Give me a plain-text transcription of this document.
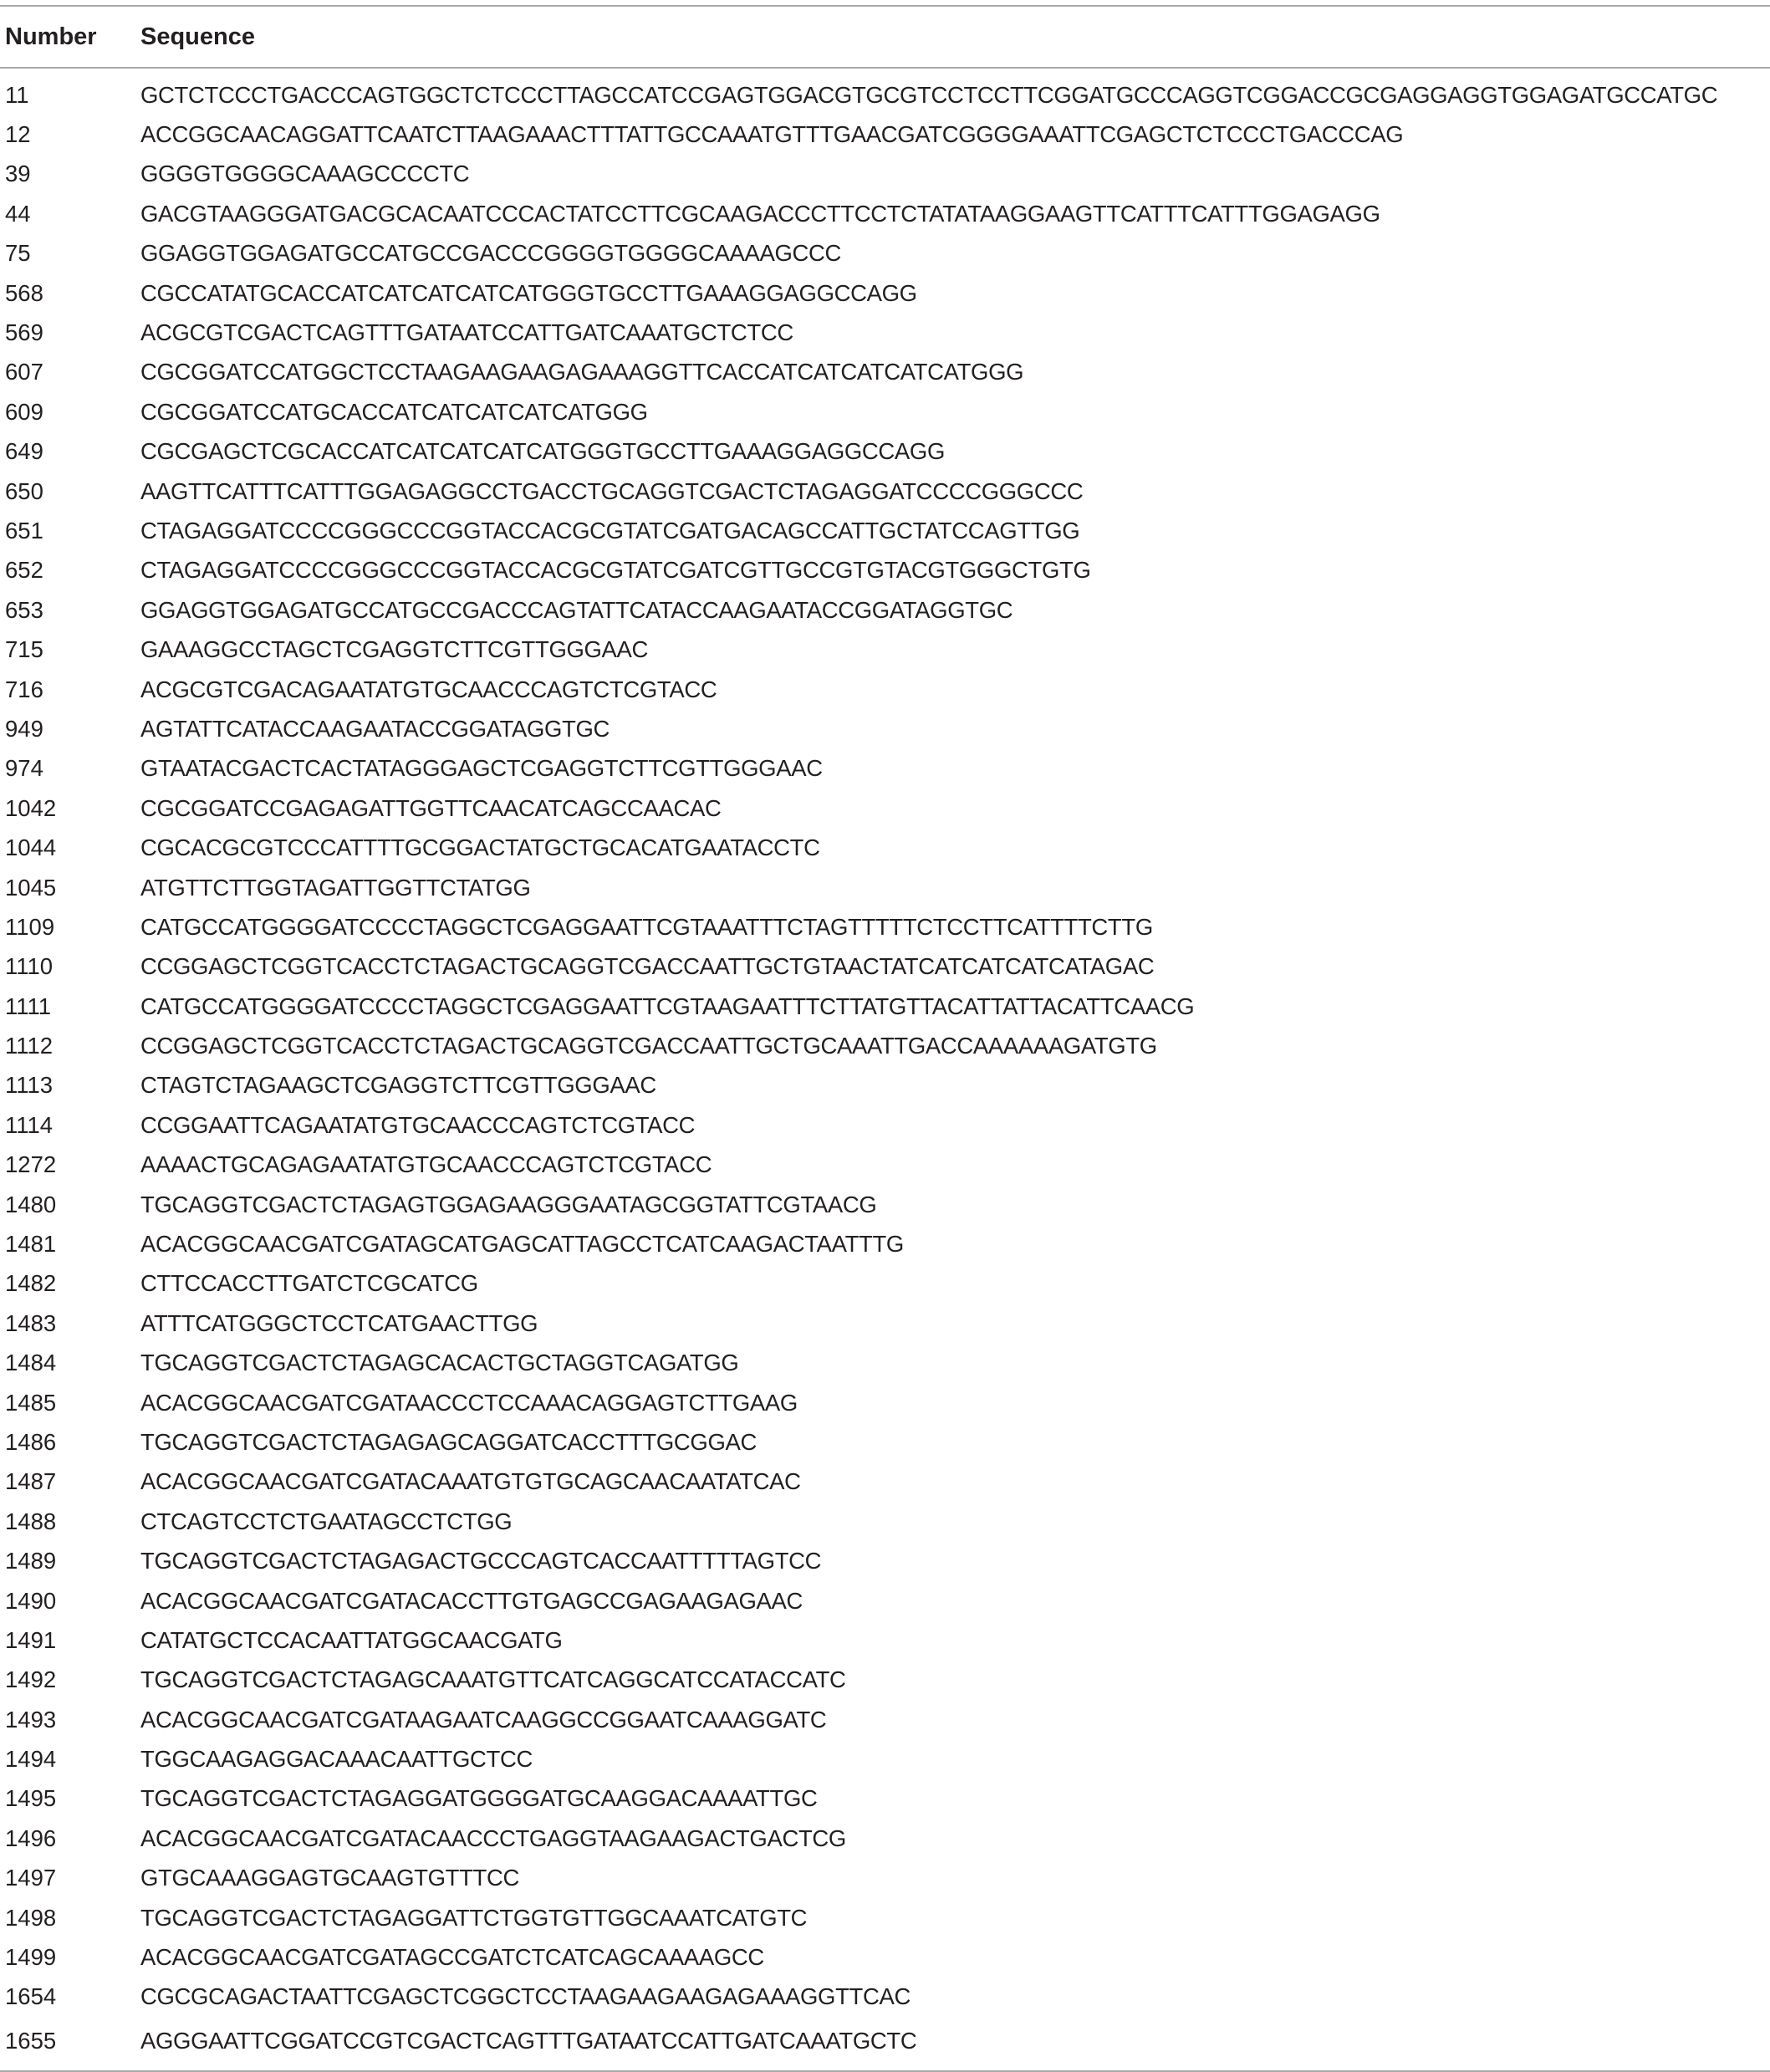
Number	Sequence
11	GCTCTCCCTGACCCAGTGGCTCTCCCTTAGCCATCCGAGTGGACGTGCGTCCTCCTTCGGATGCCCAGGTCGGACCGCGAGGAGGTGGAGATGCCATGC
12	ACCGGCAACAGGATTCAATCTTAAGAAACTTTATTGCCAAATGTTTGAACGATCGGGGAAATTCGAGCTCTCCCTGACCCAG
39	GGGGTGGGGCAAAGCCCCTC
44	GACGTAAGGGATGACGCACAATCCCACTATCCTTCGCAAGACCCTTCCTCTATATAAGGAAGTTCATTTCATTTGGAGAGG
75	GGAGGTGGAGATGCCATGCCGACCCGGGGTGGGGCAAAAGCCC
568	CGCCATATGCACCATCATCATCATCATGGGTGCCTTGAAAGGAGGCCAGG
569	ACGCGTCGACTCAGTTTGATAATCCATTGATCAAATGCTCTCC
607	CGCGGATCCATGGCTCCTAAGAAGAAGAGAAAGGTTCACCATCATCATCATCATGGG
609	CGCGGATCCATGCACCATCATCATCATCATGGG
649	CGCGAGCTCGCACCATCATCATCATCATGGGTGCCTTGAAAGGAGGCCAGG
650	AAGTTCATTTCATTTGGAGAGGCCTGACCTGCAGGTCGACTCTAGAGGATCCCCGGGCCC
651	CTAGAGGATCCCCGGGCCCGGTACCACGCGTATCGATGACAGCCATTGCTATCCAGTTGG
652	CTAGAGGATCCCCGGGCCCGGTACCACGCGTATCGATCGTTGCCGTGTACGTGGGCTGTG
653	GGAGGTGGAGATGCCATGCCGACCCAGTATTCATACCAAGAATACCGGATAGGTGC
715	GAAAGGCCTAGCTCGAGGTCTTCGTTGGGAAC
716	ACGCGTCGACAGAATATGTGCAACCCAGTCTCGTACC
949	AGTATTCATACCAAGAATACCGGATAGGTGC
974	GTAATACGACTCACTATAGGGAGCTCGAGGTCTTCGTTGGGAAC
1042	CGCGGATCCGAGAGATTGGTTCAACATCAGCCAACAC
1044	CGCACGCGTCCCATTTTGCGGACTATGCTGCACATGAATACCTC
1045	ATGTTCTTGGTAGATTGGTTCTATGG
1109	CATGCCATGGGGATCCCCTAGGCTCGAGGAATTCGTAAATTTCTAGTTTTTCTCCTTCATTTTCTTG
1110	CCGGAGCTCGGTCACCTCTAGACTGCAGGTCGACCAATTGCTGTAACTATCATCATCATCATAGAC
1111	CATGCCATGGGGATCCCCTAGGCTCGAGGAATTCGTAAGAATTTCTTATGTTACATTATTACATTCAACG
1112	CCGGAGCTCGGTCACCTCTAGACTGCAGGTCGACCAATTGCTGCAAATTGACCAAAAAAGATGTG
1113	CTAGTCTAGAAGCTCGAGGTCTTCGTTGGGAAC
1114	CCGGAATTCAGAATATGTGCAACCCAGTCTCGTACC
1272	AAAACTGCAGAGAATATGTGCAACCCAGTCTCGTACC
1480	TGCAGGTCGACTCTAGAGTGGAGAAGGGAATAGCGGTATTCGTAACG
1481	ACACGGCAACGATCGATAGCATGAGCATTAGCCTCATCAAGACTAATTTG
1482	CTTCCACCTTGATCTCGCATCG
1483	ATTTCATGGGCTCCTCATGAACTTGG
1484	TGCAGGTCGACTCTAGAGCACACTGCTAGGTCAGATGG
1485	ACACGGCAACGATCGATAACCCTCCAAACAGGAGTCTTGAAG
1486	TGCAGGTCGACTCTAGAGAGCAGGATCACCTTTGCGGAC
1487	ACACGGCAACGATCGATACAAATGTGTGCAGCAACAATATCAC
1488	CTCAGTCCTCTGAATAGCCTCTGG
1489	TGCAGGTCGACTCTAGAGACTGCCCAGTCACCAATTTTTAGTCC
1490	ACACGGCAACGATCGATACACCTTGTGAGCCGAGAAGAGAAC
1491	CATATGCTCCACAATTATGGCAACGATG
1492	TGCAGGTCGACTCTAGAGCAAATGTTCATCAGGCATCCATACCATC
1493	ACACGGCAACGATCGATAAGAATCAAGGCCGGAATCAAAGGATC
1494	TGGCAAGAGGACAAACAATTGCTCC
1495	TGCAGGTCGACTCTAGAGGATGGGGATGCAAGGACAAAATTGC
1496	ACACGGCAACGATCGATACAACCCTGAGGTAAGAAGACTGACTCG
1497	GTGCAAAGGAGTGCAAGTGTTTCC
1498	TGCAGGTCGACTCTAGAGGATTCTGGTGTTGGCAAATCATGTC
1499	ACACGGCAACGATCGATAGCCGATCTCATCAGCAAAAGCC
1654	CGCGCAGACTAATTCGAGCTCGGCTCCTAAGAAGAAGAGAAAGGTTCAC
1655	AGGGAATTCGGATCCGTCGACTCAGTTTGATAATCCATTGATCAAATGCTC
